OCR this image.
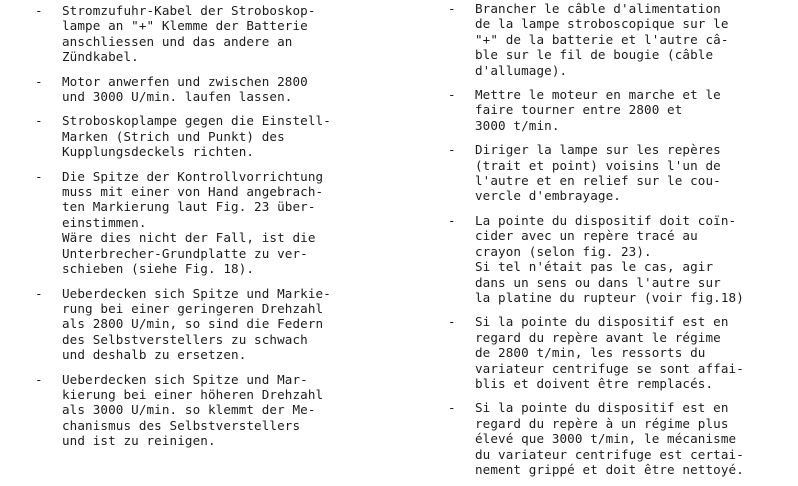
- Stromzufuhr-Kabel der Stroboskop-
lampe an "+" Klemme der Batterie
anschliessen und das andere an
Zündkabel.
- Motor anwerfen und zwischen 2800
und 3000 U/min. laufen lassen.
- Stroboskoplampe gegen die Einstell-
Marken (Strich und Punkt) des
Kupplungsdeckels richten.
- Die Spitze der Kontrollvorrichtung
muss mit einer von Hand angebrach-
ten Markierung laut Fig. 23 über-
einstimmen.
Wäre dies nicht der Fall, ist die
Unterbrecher-Grundplatte zu ver-
schieben (siehe Fig. 18).
- Ueberdecken sich Spitze und Markie-
rung bei einer geringeren Drehzahl
als 2800 U/min, so sind die Federn
des Selbstverstellers zu schwach
und deshalb zu ersetzen.
- Ueberdecken sich Spitze und Mar-
kierung bei einer höheren Drehzahl
als 3000 U/min. so klemmt der Me-
chanismus des Selbstverstellers
und ist zu reinigen.
- Brancher le câble d'alimentation
de la lampe stroboscopique sur le
"+" de la batterie et l'autre câ-
ble sur le fil de bougie (câble
d'allumage).
- Mettre le moteur en marche et le
faire tourner entre 2800 et
3000 t/min.
- Diriger la lampe sur les repères
(trait et point) voisins l'un de
l'autre et en relief sur le cou-
vercle d'embrayage.
- La pointe du dispositif doit coïn-
cider avec un repère tracé au
crayon (selon fig. 23).
Si tel n'était pas le cas, agir
dans un sens ou dans l'autre sur
la platine du rupteur (voir fig.18)
- Si la pointe du dispositif est en
regard du repère avant le régime
de 2800 t/min, les ressorts du
variateur centrifuge se sont affai-
blis et doivent être remplacés.
- Si la pointe du dispositif est en
regard du repère à un régime plus
élevé que 3000 t/min, le mécanisme
du variateur centrifuge est certai-
nement grippé et doit être nettoyé.
